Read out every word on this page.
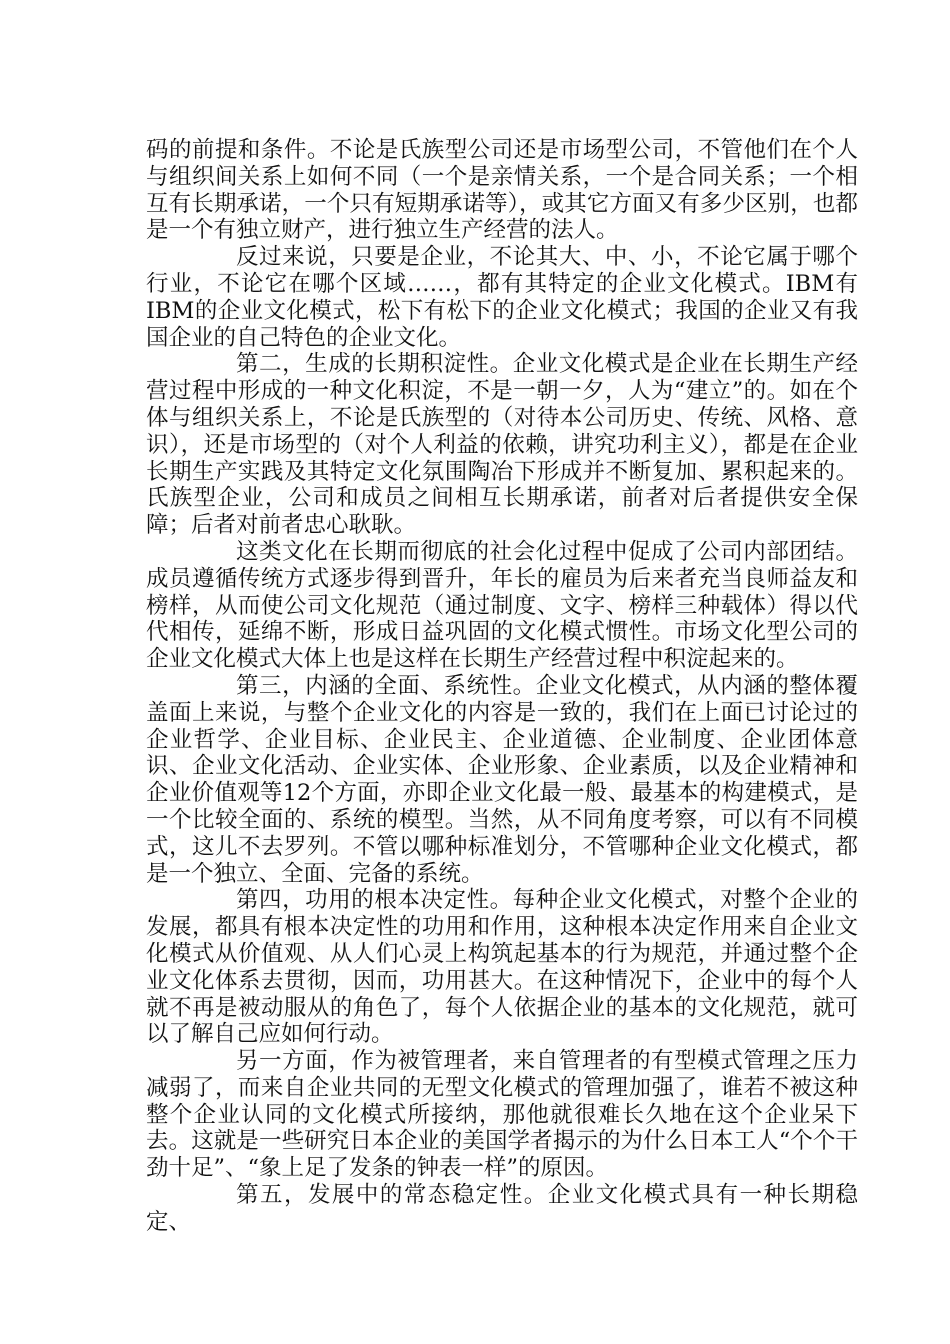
码的前提和条件。不论是氏族型公司还是市场型公司，不管他们在个人与组织间关系上如何不同（一个是亲情关系，一个是合同关系；一个相互有长期承诺，一个只有短期承诺等），或其它方面又有多少区别，也都是一个有独立财产，进行独立生产经营的法人。

反过来说，只要是企业，不论其大、中、小，不论它属于哪个行业，不论它在哪个区域……，都有其特定的企业文化模式。IBM有IBM的企业文化模式，松下有松下的企业文化模式；我国的企业又有我国企业的自己特色的企业文化。

第二，生成的长期积淀性。企业文化模式是企业在长期生产经营过程中形成的一种文化积淀，不是一朝一夕，人为“建立”的。如在个体与组织关系上，不论是氏族型的（对待本公司历史、传统、风格、意识），还是市场型的（对个人利益的依赖，讲究功利主义），都是在企业长期生产实践及其特定文化氛围陶冶下形成并不断复加、累积起来的。氏族型企业，公司和成员之间相互长期承诺，前者对后者提供安全保障；后者对前者忠心耿耿。

这类文化在长期而彻底的社会化过程中促成了公司内部团结。成员遵循传统方式逐步得到晋升，年长的雇员为后来者充当良师益友和榜样，从而使公司文化规范（通过制度、文字、榜样三种载体）得以代代相传，延绵不断，形成日益巩固的文化模式惯性。市场文化型公司的企业文化模式大体上也是这样在长期生产经营过程中积淀起来的。

第三，内涵的全面、系统性。企业文化模式，从内涵的整体覆盖面上来说，与整个企业文化的内容是一致的，我们在上面已讨论过的企业哲学、企业目标、企业民主、企业道德、企业制度、企业团体意识、企业文化活动、企业实体、企业形象、企业素质，以及企业精神和企业价值观等12个方面，亦即企业文化最一般、最基本的构建模式，是一个比较全面的、系统的模型。当然，从不同角度考察，可以有不同模式，这儿不去罗列。不管以哪种标准划分，不管哪种企业文化模式，都是一个独立、全面、完备的系统。

第四，功用的根本决定性。每种企业文化模式，对整个企业的发展，都具有根本决定性的功用和作用，这种根本决定作用来自企业文化模式从价值观、从人们心灵上构筑起基本的行为规范，并通过整个企业文化体系去贯彻，因而，功用甚大。在这种情况下，企业中的每个人就不再是被动服从的角色了，每个人依据企业的基本的文化规范，就可以了解自己应如何行动。

另一方面，作为被管理者，来自管理者的有型模式管理之压力减弱了，而来自企业共同的无型文化模式的管理加强了，谁若不被这种整个企业认同的文化模式所接纳，那他就很难长久地在这个企业呆下去。这就是一些研究日本企业的美国学者揭示的为什么日本工人“个个干劲十足”、“象上足了发条的钟表一样”的原因。

第五，发展中的常态稳定性。企业文化模式具有一种长期稳定、
